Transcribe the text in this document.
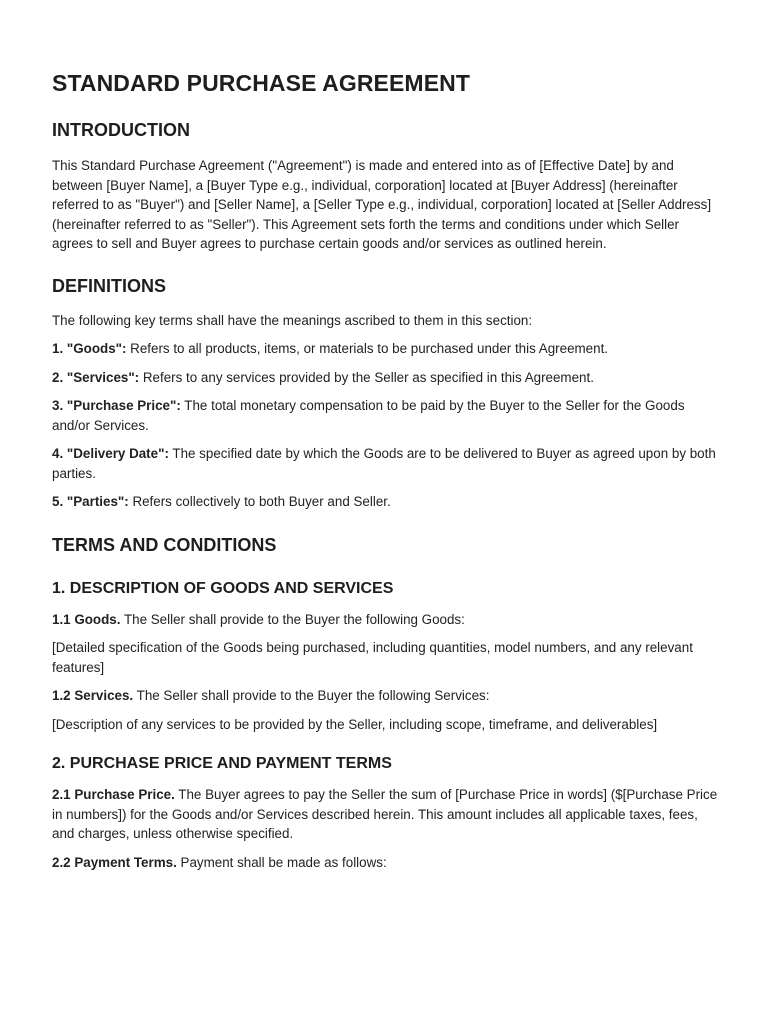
STANDARD PURCHASE AGREEMENT
INTRODUCTION

This Standard Purchase Agreement ("Agreement") is made and entered into as of [Effective Date] by and between [Buyer Name], a [Buyer Type e.g., individual, corporation] located at [Buyer Address] (hereinafter referred to as "Buyer") and [Seller Name], a [Seller Type e.g., individual, corporation] located at [Seller Address] (hereinafter referred to as "Seller"). This Agreement sets forth the terms and conditions under which Seller agrees to sell and Buyer agrees to purchase certain goods and/or services as outlined herein.

DEFINITIONS

The following key terms shall have the meanings ascribed to them in this section:

1. "Goods": Refers to all products, items, or materials to be purchased under this Agreement.

2. "Services": Refers to any services provided by the Seller as specified in this Agreement.

3. "Purchase Price": The total monetary compensation to be paid by the Buyer to the Seller for the Goods and/or Services.

4. "Delivery Date": The specified date by which the Goods are to be delivered to Buyer as agreed upon by both parties.

5. "Parties": Refers collectively to both Buyer and Seller.

TERMS AND CONDITIONS
1. DESCRIPTION OF GOODS AND SERVICES

1.1 Goods. The Seller shall provide to the Buyer the following Goods:

[Detailed specification of the Goods being purchased, including quantities, model numbers, and any relevant features]

1.2 Services. The Seller shall provide to the Buyer the following Services:

[Description of any services to be provided by the Seller, including scope, timeframe, and deliverables]

2. PURCHASE PRICE AND PAYMENT TERMS

2.1 Purchase Price. The Buyer agrees to pay the Seller the sum of [Purchase Price in words] ($[Purchase Price in numbers]) for the Goods and/or Services described herein. This amount includes all applicable taxes, fees, and charges, unless otherwise specified.

2.2 Payment Terms. Payment shall be made as follows:
